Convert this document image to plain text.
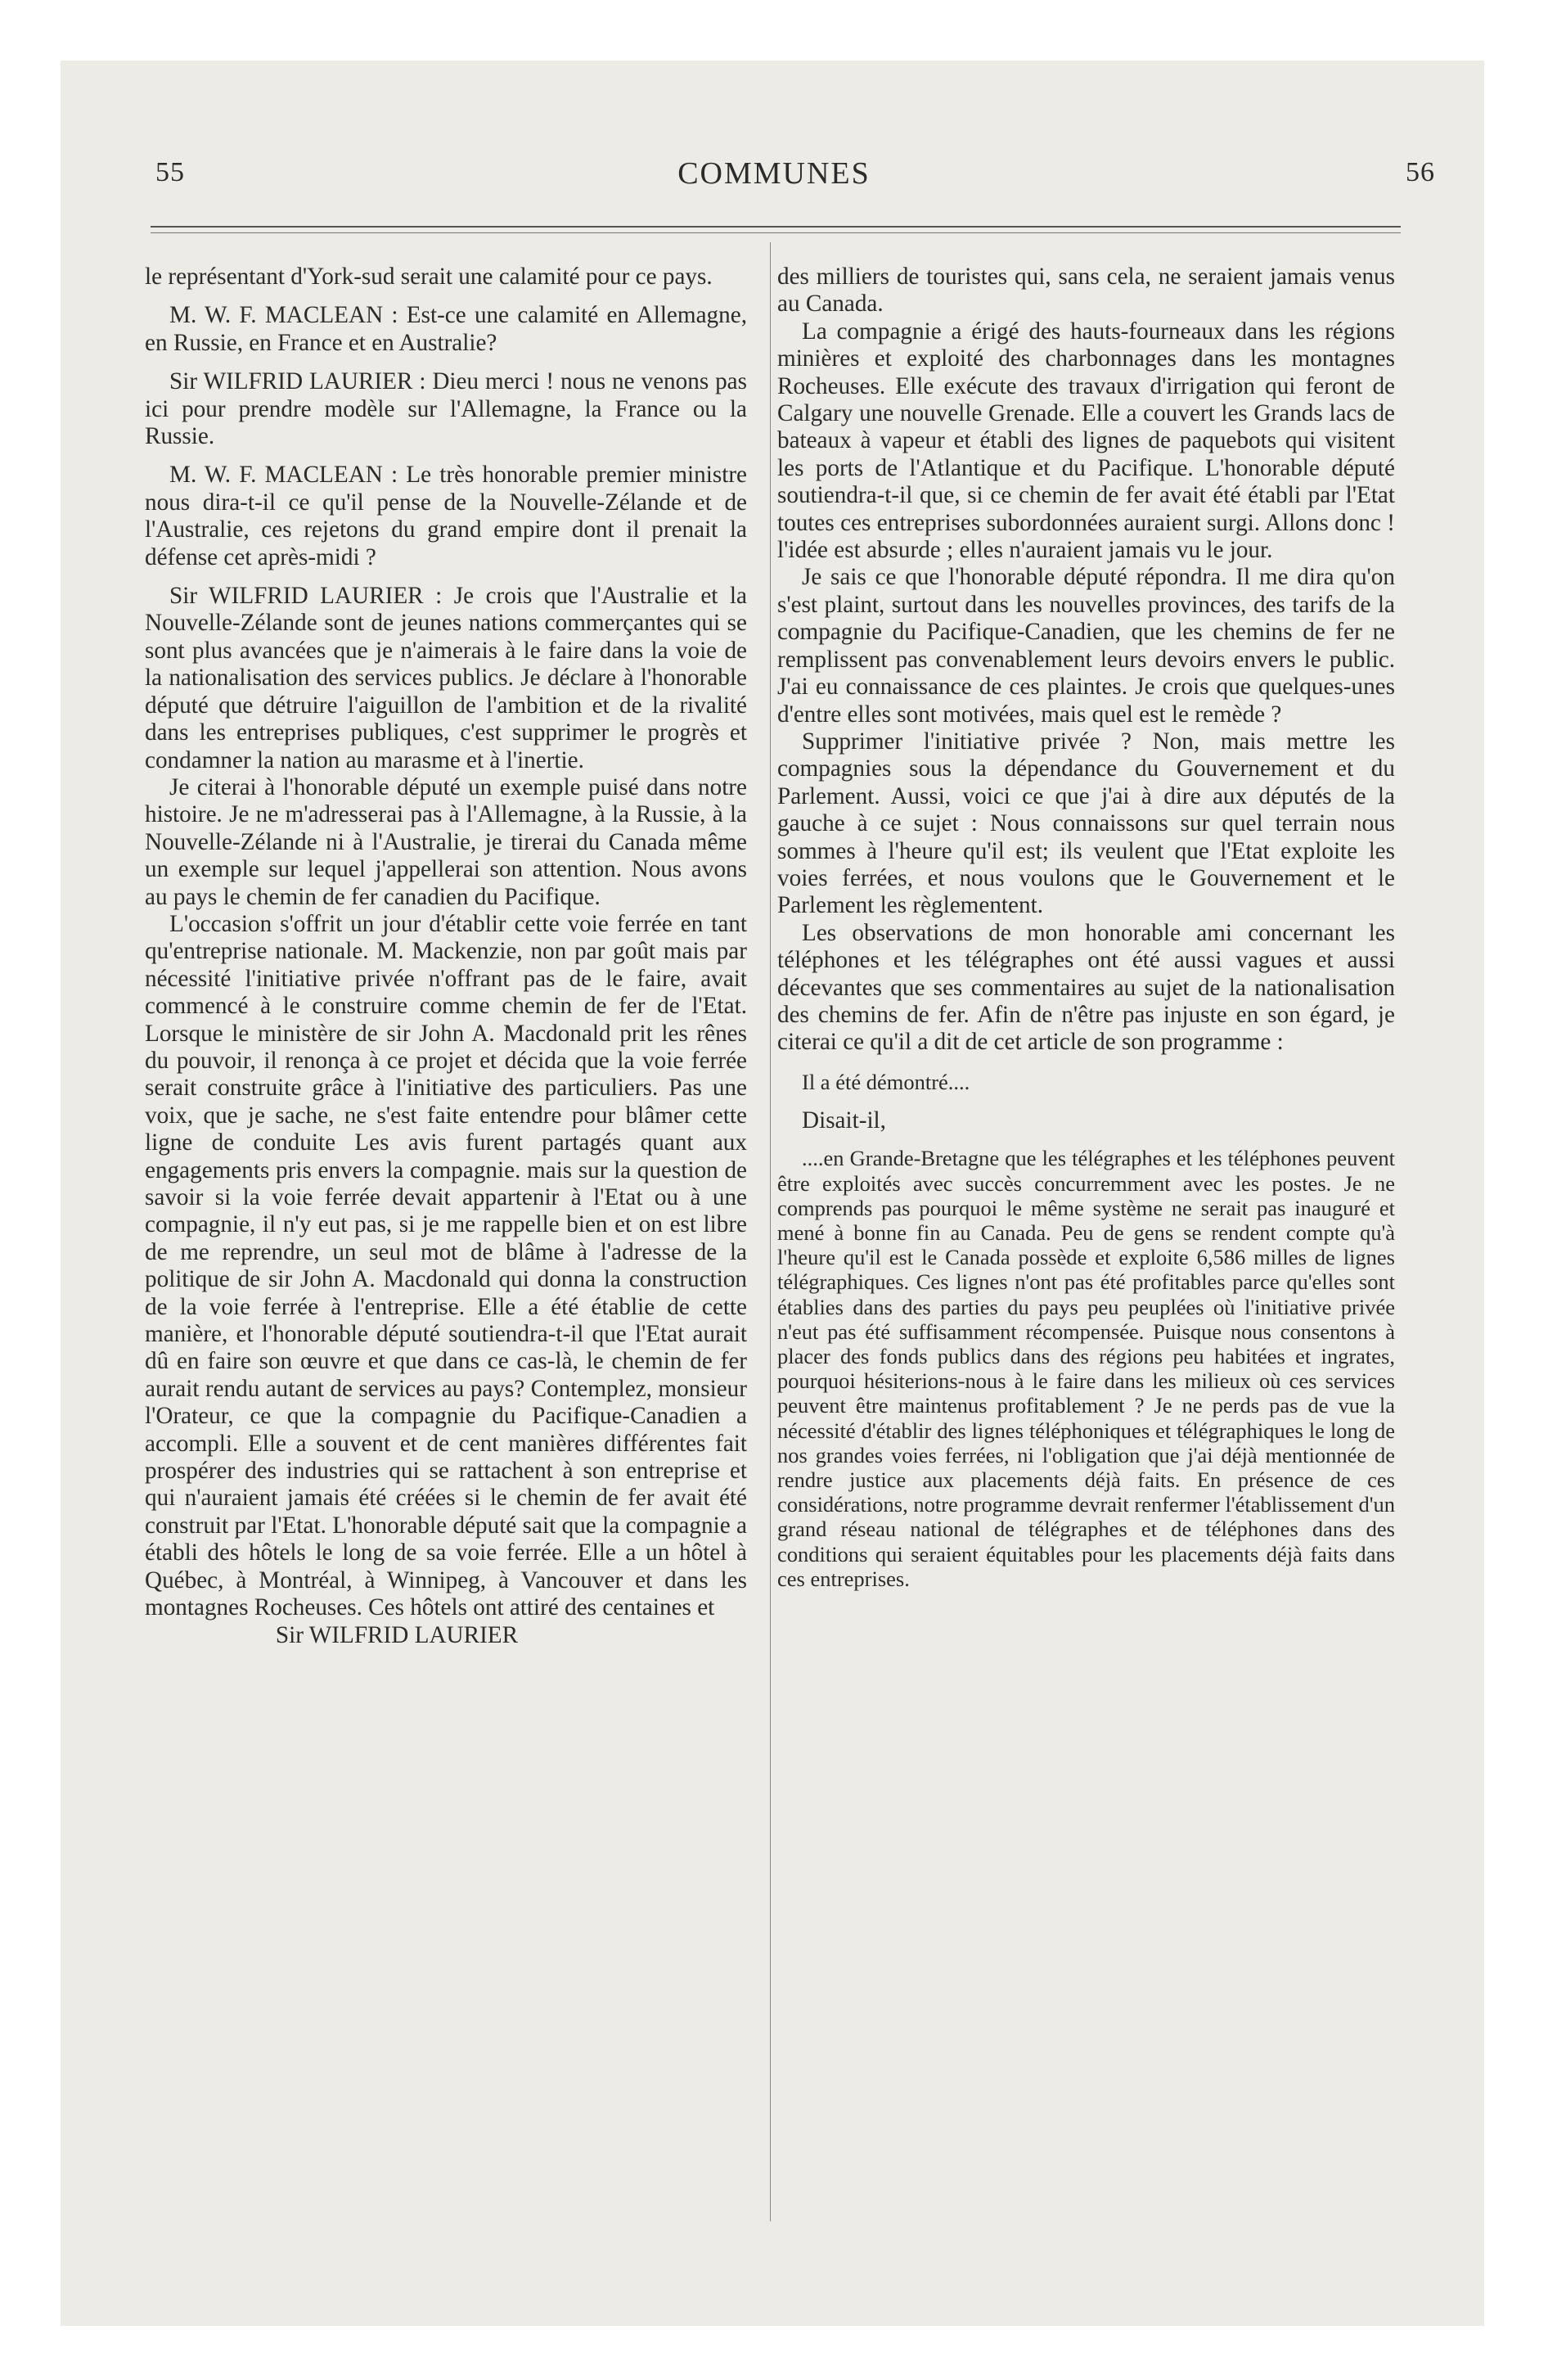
55	COMMUNES	56

le représentant d'York-sud serait une calamité pour ce pays.

M. W. F. MACLEAN : Est-ce une calamité en Allemagne, en Russie, en France et en Australie?

Sir WILFRID LAURIER : Dieu merci ! nous ne venons pas ici pour prendre modèle sur l'Allemagne, la France ou la Russie.

M. W. F. MACLEAN : Le très honorable premier ministre nous dira-t-il ce qu'il pense de la Nouvelle-Zélande et de l'Australie, ces rejetons du grand empire dont il prenait la défense cet après-midi ?

Sir WILFRID LAURIER : Je crois que l'Australie et la Nouvelle-Zélande sont de jeunes nations commerçantes qui se sont plus avancées que je n'aimerais à le faire dans la voie de la nationalisation des services publics. Je déclare à l'honorable député que détruire l'aiguillon de l'ambition et de la rivalité dans les entreprises publiques, c'est supprimer le progrès et condamner la nation au marasme et à l'inertie.

Je citerai à l'honorable député un exemple puisé dans notre histoire. Je ne m'adresserai pas à l'Allemagne, à la Russie, à la Nouvelle-Zélande ni à l'Australie, je tirerai du Canada même un exemple sur lequel j'appellerai son attention. Nous avons au pays le chemin de fer canadien du Pacifique.

L'occasion s'offrit un jour d'établir cette voie ferrée en tant qu'entreprise nationale. M. Mackenzie, non par goût mais par nécessité l'initiative privée n'offrant pas de le faire, avait commencé à le construire comme chemin de fer de l'Etat. Lorsque le ministère de sir John A. Macdonald prit les rênes du pouvoir, il renonça à ce projet et décida que la voie ferrée serait construite grâce à l'initiative des particuliers. Pas une voix, que je sache, ne s'est faite entendre pour blâmer cette ligne de conduite Les avis furent partagés quant aux engagements pris envers la compagnie. mais sur la question de savoir si la voie ferrée devait appartenir à l'Etat ou à une compagnie, il n'y eut pas, si je me rappelle bien et on est libre de me reprendre, un seul mot de blâme à l'adresse de la politique de sir John A. Macdonald qui donna la construction de la voie ferrée à l'entreprise. Elle a été établie de cette manière, et l'honorable député soutiendra-t-il que l'Etat aurait dû en faire son œuvre et que dans ce cas-là, le chemin de fer aurait rendu autant de services au pays? Contemplez, monsieur l'Orateur, ce que la compagnie du Pacifique-Canadien a accompli. Elle a souvent et de cent manières différentes fait prospérer des industries qui se rattachent à son entreprise et qui n'auraient jamais été créées si le chemin de fer avait été construit par l'Etat. L'honorable député sait que la compagnie a établi des hôtels le long de sa voie ferrée. Elle a un hôtel à Québec, à Montréal, à Winnipeg, à Vancouver et dans les montagnes Rocheuses. Ces hôtels ont attiré des centaines et

Sir WILFRID LAURIER

des milliers de touristes qui, sans cela, ne seraient jamais venus au Canada.

La compagnie a érigé des hauts-fourneaux dans les régions minières et exploité des charbonnages dans les montagnes Rocheuses. Elle exécute des travaux d'irrigation qui feront de Calgary une nouvelle Grenade. Elle a couvert les Grands lacs de bateaux à vapeur et établi des lignes de paquebots qui visitent les ports de l'Atlantique et du Pacifique. L'honorable député soutiendra-t-il que, si ce chemin de fer avait été établi par l'Etat toutes ces entreprises subordonnées auraient surgi. Allons donc ! l'idée est absurde ; elles n'auraient jamais vu le jour.

Je sais ce que l'honorable député répondra. Il me dira qu'on s'est plaint, surtout dans les nouvelles provinces, des tarifs de la compagnie du Pacifique-Canadien, que les chemins de fer ne remplissent pas convenablement leurs devoirs envers le public. J'ai eu connaissance de ces plaintes. Je crois que quelques-unes d'entre elles sont motivées, mais quel est le remède ?

Supprimer l'initiative privée ? Non, mais mettre les compagnies sous la dépendance du Gouvernement et du Parlement. Aussi, voici ce que j'ai à dire aux députés de la gauche à ce sujet : Nous connaissons sur quel terrain nous sommes à l'heure qu'il est; ils veulent que l'Etat exploite les voies ferrées, et nous voulons que le Gouvernement et le Parlement les règlementent.

Les observations de mon honorable ami concernant les téléphones et les télégraphes ont été aussi vagues et aussi décevantes que ses commentaires au sujet de la nationalisation des chemins de fer. Afin de n'être pas injuste en son égard, je citerai ce qu'il a dit de cet article de son programme :

Il a été démontré....

Disait-il,

....en Grande-Bretagne que les télégraphes et les téléphones peuvent être exploités avec succès concurremment avec les postes. Je ne comprends pas pourquoi le même système ne serait pas inauguré et mené à bonne fin au Canada. Peu de gens se rendent compte qu'à l'heure qu'il est le Canada possède et exploite 6,586 milles de lignes télégraphiques. Ces lignes n'ont pas été profitables parce qu'elles sont établies dans des parties du pays peu peuplées où l'initiative privée n'eut pas été suffisamment récompensée. Puisque nous consentons à placer des fonds publics dans des régions peu habitées et ingrates, pourquoi hésiterions-nous à le faire dans les milieux où ces services peuvent être maintenus profitablement ? Je ne perds pas de vue la nécessité d'établir des lignes téléphoniques et télégraphiques le long de nos grandes voies ferrées, ni l'obligation que j'ai déjà mentionnée de rendre justice aux placements déjà faits. En présence de ces considérations, notre programme devrait renfermer l'établissement d'un grand réseau national de télégraphes et de téléphones dans des conditions qui seraient équitables pour les placements déjà faits dans ces entreprises.
